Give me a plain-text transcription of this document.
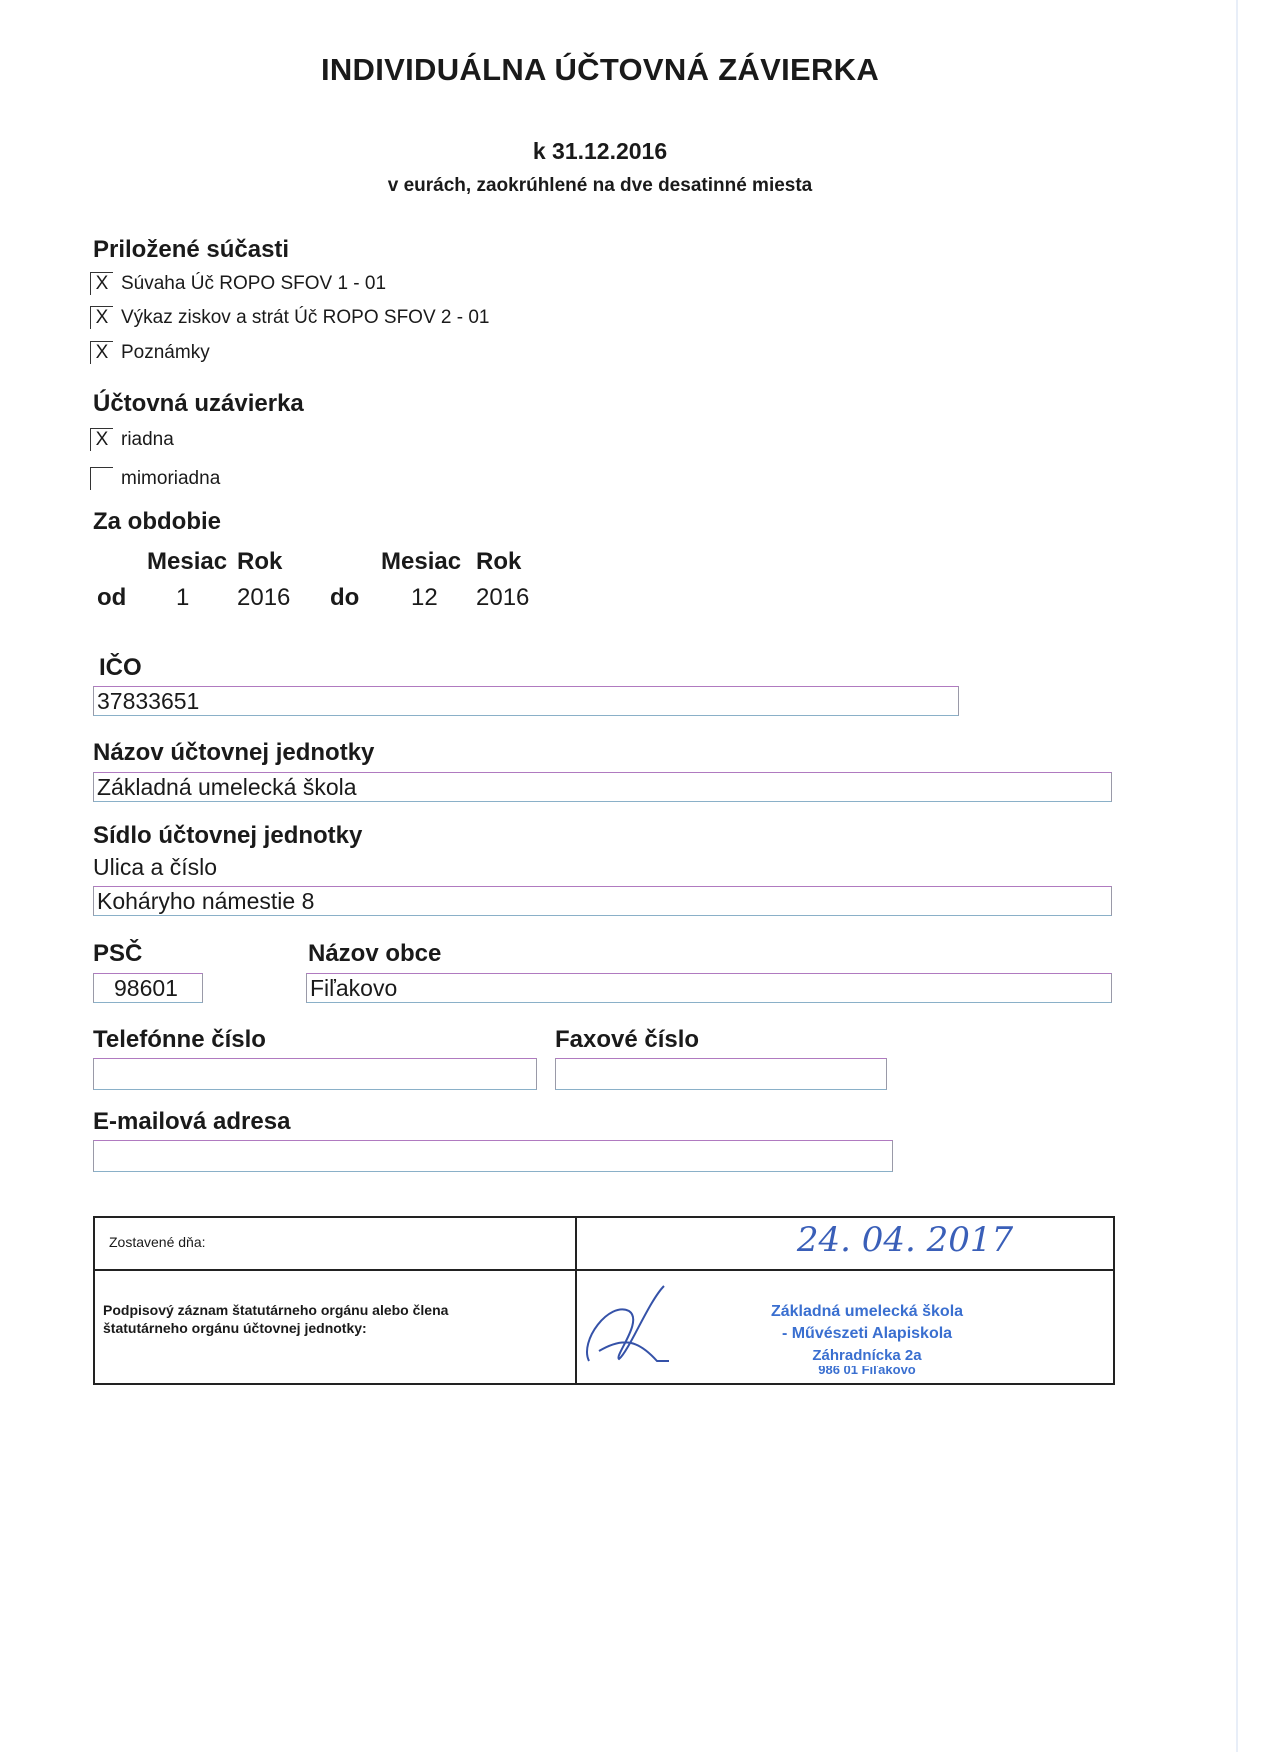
INDIVIDUÁLNA ÚČTOVNÁ ZÁVIERKA
k 31.12.2016
v eurách, zaokrúhlené na dve desatinné miesta
Priložené súčasti
X Súvaha Úč ROPO SFOV 1 - 01
X Výkaz ziskov a strát Úč ROPO SFOV 2 - 01
X Poznámky
Účtovná uzávierka
X riadna
mimoriadna
Za obdobie
Mesiac Rok	Mesiac Rok
od 1 2016 do 12 2016
IČO
37833651
Názov účtovnej jednotky
Základná umelecká škola
Sídlo účtovnej jednotky
Ulica a číslo
Koháryho námestie 8
PSČ	Názov obce
98601	Fiľakovo
Telefónne číslo	Faxové číslo
E-mailová adresa
Zostavené dňa:	24. 04. 2017

Podpisový záznam štatutárneho orgánu alebo člena štatutárneho orgánu účtovnej jednotky:	Základná umelecká škola
- Művészeti Alapiskola
Záhradnícka 2a
986 01 Fiľakovo
